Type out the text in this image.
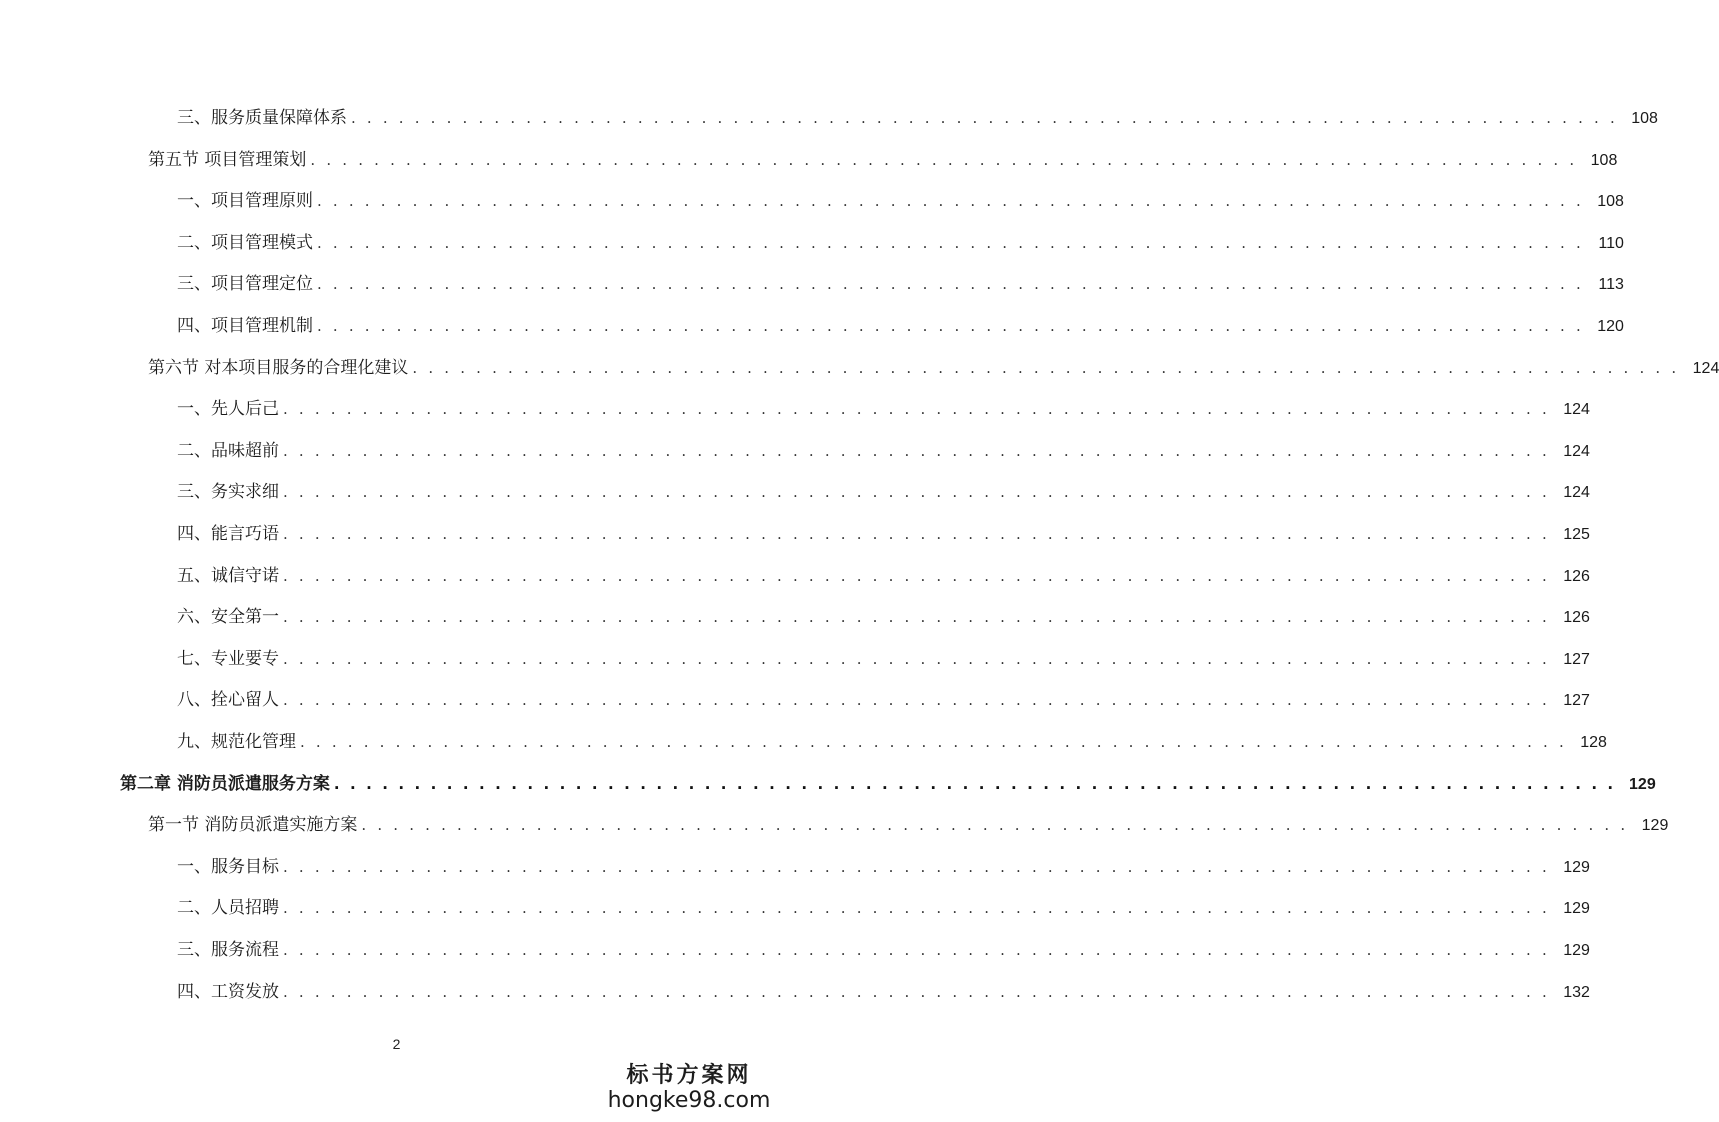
三、服务质量保障体系 . . . . . . . . . . . . . . . . . . . . . . . . . . . . . . . . . . . . . . . . . . . . . . . . . . . . . . . . . . . . . . . . . . . . . . . . . . . . . . . . 108
第五节 项目管理策划 . . . . . . . . . . . . . . . . . . . . . . . . . . . . . . . . . . . . . . . . . . . . . . . . . . . . . . . . . . . . . . . . . . . . . . . . . . . . . . . . 108
一、项目管理原则 . . . . . . . . . . . . . . . . . . . . . . . . . . . . . . . . . . . . . . . . . . . . . . . . . . . . . . . . . . . . . . . . . . . . . . . . . . . . . . . . 108
二、项目管理模式 . . . . . . . . . . . . . . . . . . . . . . . . . . . . . . . . . . . . . . . . . . . . . . . . . . . . . . . . . . . . . . . . . . . . . . . . . . . . . . . . 110
三、项目管理定位 . . . . . . . . . . . . . . . . . . . . . . . . . . . . . . . . . . . . . . . . . . . . . . . . . . . . . . . . . . . . . . . . . . . . . . . . . . . . . . . . 113
四、项目管理机制 . . . . . . . . . . . . . . . . . . . . . . . . . . . . . . . . . . . . . . . . . . . . . . . . . . . . . . . . . . . . . . . . . . . . . . . . . . . . . . . . 120
第六节 对本项目服务的合理化建议 . . . . . . . . . . . . . . . . . . . . . . . . . . . . . . . . . . . . . . . . . . . . . . . . . . . . . . . . . . . . . . . . . . . . . . . . . . . . . . . . 124
一、先人后己 . . . . . . . . . . . . . . . . . . . . . . . . . . . . . . . . . . . . . . . . . . . . . . . . . . . . . . . . . . . . . . . . . . . . . . . . . . . . . . . . 124
二、品味超前 . . . . . . . . . . . . . . . . . . . . . . . . . . . . . . . . . . . . . . . . . . . . . . . . . . . . . . . . . . . . . . . . . . . . . . . . . . . . . . . . 124
三、务实求细 . . . . . . . . . . . . . . . . . . . . . . . . . . . . . . . . . . . . . . . . . . . . . . . . . . . . . . . . . . . . . . . . . . . . . . . . . . . . . . . . 124
四、能言巧语 . . . . . . . . . . . . . . . . . . . . . . . . . . . . . . . . . . . . . . . . . . . . . . . . . . . . . . . . . . . . . . . . . . . . . . . . . . . . . . . . 125
五、诚信守诺 . . . . . . . . . . . . . . . . . . . . . . . . . . . . . . . . . . . . . . . . . . . . . . . . . . . . . . . . . . . . . . . . . . . . . . . . . . . . . . . . 126
六、安全第一 . . . . . . . . . . . . . . . . . . . . . . . . . . . . . . . . . . . . . . . . . . . . . . . . . . . . . . . . . . . . . . . . . . . . . . . . . . . . . . . . 126
七、专业要专 . . . . . . . . . . . . . . . . . . . . . . . . . . . . . . . . . . . . . . . . . . . . . . . . . . . . . . . . . . . . . . . . . . . . . . . . . . . . . . . . 127
八、拴心留人 . . . . . . . . . . . . . . . . . . . . . . . . . . . . . . . . . . . . . . . . . . . . . . . . . . . . . . . . . . . . . . . . . . . . . . . . . . . . . . . . 127
九、规范化管理 . . . . . . . . . . . . . . . . . . . . . . . . . . . . . . . . . . . . . . . . . . . . . . . . . . . . . . . . . . . . . . . . . . . . . . . . . . . . . . . . 128
第二章 消防员派遣服务方案 . . . . . . . . . . . . . . . . . . . . . . . . . . . . . . . . . . . . . . . . . . . . . . . . . . . . . . . . . . . . . . . . . . . . . . . . . . . . . . . . 129
第一节 消防员派遣实施方案 . . . . . . . . . . . . . . . . . . . . . . . . . . . . . . . . . . . . . . . . . . . . . . . . . . . . . . . . . . . . . . . . . . . . . . . . . . . . . . . . 129
一、服务目标 . . . . . . . . . . . . . . . . . . . . . . . . . . . . . . . . . . . . . . . . . . . . . . . . . . . . . . . . . . . . . . . . . . . . . . . . . . . . . . . . 129
二、人员招聘 . . . . . . . . . . . . . . . . . . . . . . . . . . . . . . . . . . . . . . . . . . . . . . . . . . . . . . . . . . . . . . . . . . . . . . . . . . . . . . . . 129
三、服务流程 . . . . . . . . . . . . . . . . . . . . . . . . . . . . . . . . . . . . . . . . . . . . . . . . . . . . . . . . . . . . . . . . . . . . . . . . . . . . . . . . 129
四、工资发放 . . . . . . . . . . . . . . . . . . . . . . . . . . . . . . . . . . . . . . . . . . . . . . . . . . . . . . . . . . . . . . . . . . . . . . . . . . . . . . . . 132
2
标书方案网
hongke98.com
